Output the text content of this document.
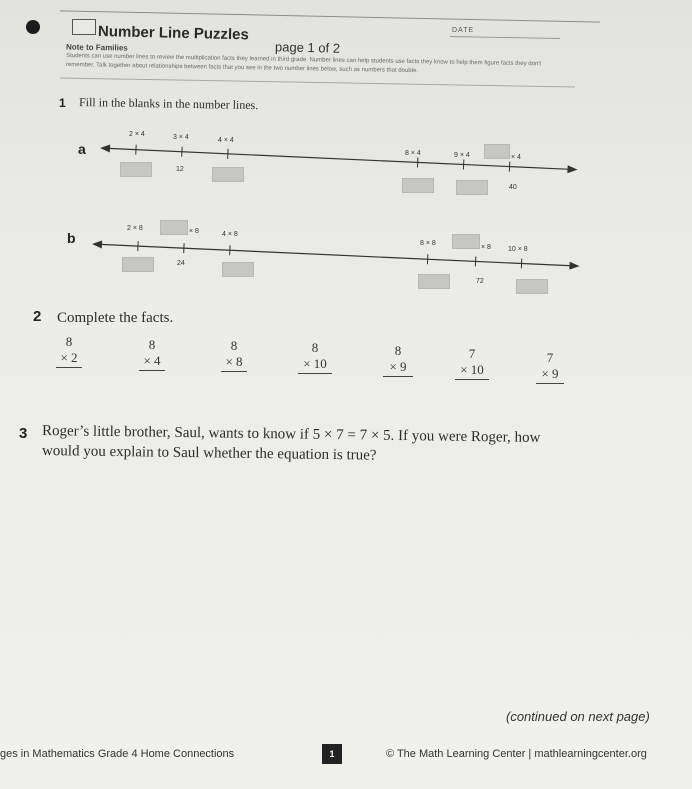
Number Line Puzzles
page 1 of 2
DATE
Note to Families
Students can use number lines to review the multiplication facts they learned in third grade. Number lines can help students use facts they know to help them figure facts they don't remember. Talk together about relationships between facts that you see in the two number lines below, such as numbers that double.
1 Fill in the blanks in the number lines.
a
2 × 4	3 × 4	4 × 4
12
8 × 4	9 × 4	× 4
40
b
2 × 8	× 8	4 × 8
24
8 × 8
× 8 10 × 8
72
2 Complete the facts.
8
× 2
8
× 4
8
× 8
8
× 10
8
× 9
7
× 10
7
× 9
3 Roger’s little brother, Saul, wants to know if 5 × 7 = 7 × 5. If you were Roger, how
would you explain to Saul whether the equation is true?
(continued on next page)
ges in Mathematics Grade 4 Home Connections	1	© The Math Learning Center | mathlearningcenter.org
